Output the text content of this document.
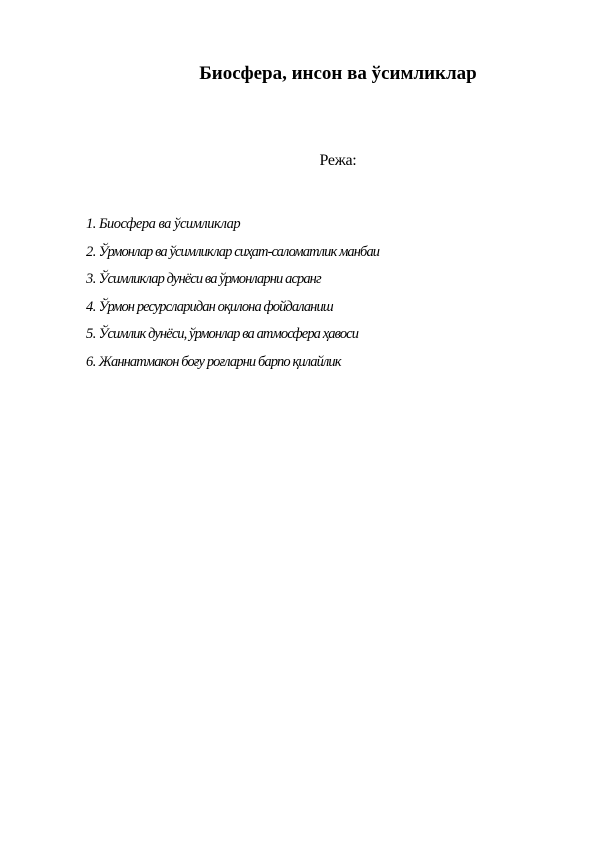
Биосфера, инсон ва ўсимликлар

Режа:

1. Биосфера ва ўсимликлар
2. Ўрмонлар ва ўсимликлар сиҳат-саломатлик манбаи
3. Ўсимликлар дунёси ва ўрмонларни асранг
4. Ўрмон ресурсларидан оқилона фойдаланиш
5. Ўсимлик дунёси, ўрмонлар ва атмосфера ҳавоси
6. Жаннатмакон боғу роғларни барпо қилайлик
